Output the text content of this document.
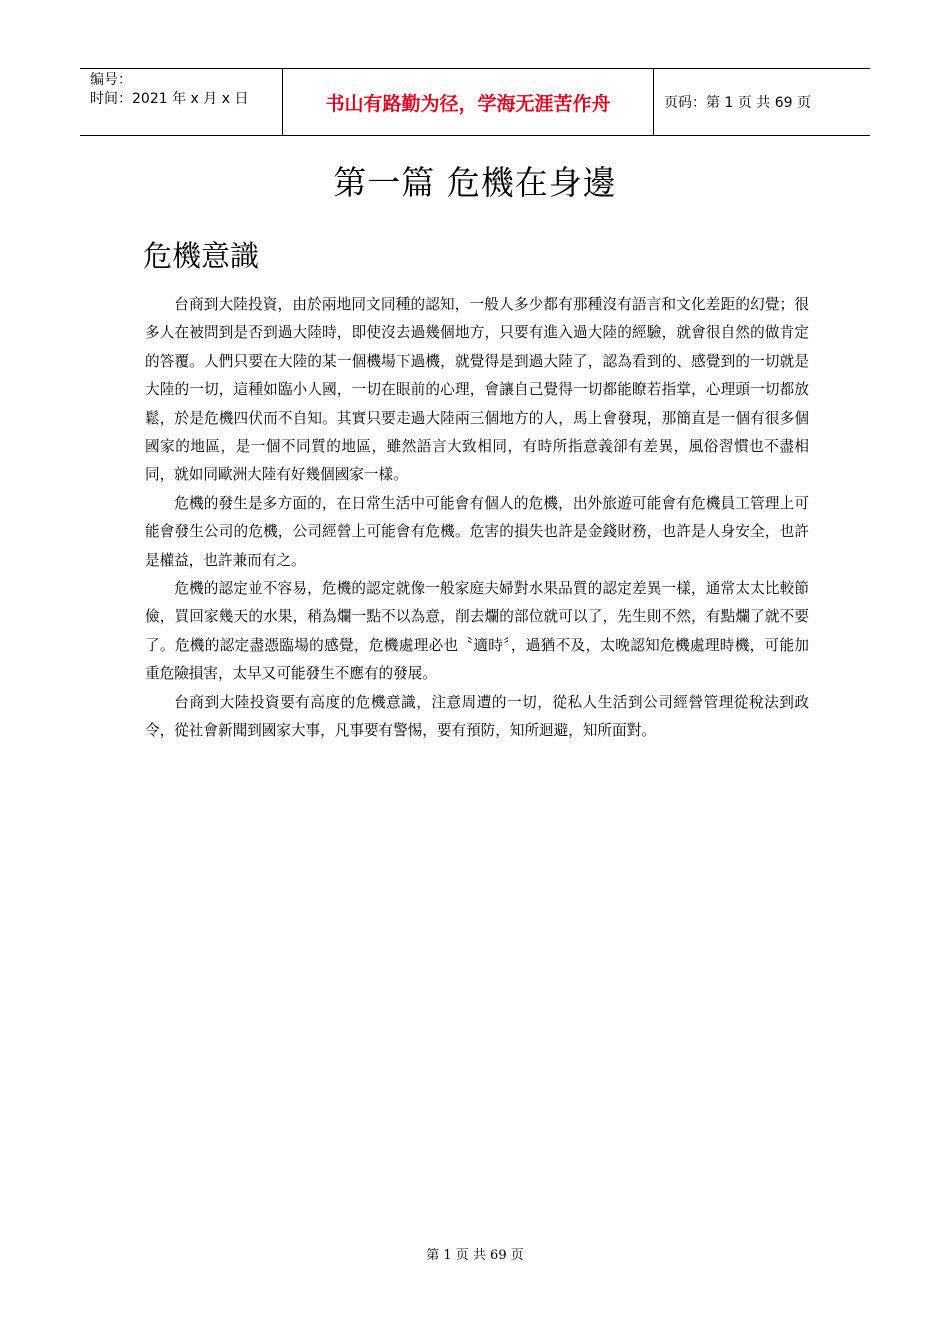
编号：
时间：2021 年 x 月 x 日	书山有路勤为径，学海无涯苦作舟	页码：第 1 页 共 69 页
第一篇 危機在身邊
危機意識

台商到大陸投資，由於兩地同文同種的認知，一般人多少都有那種沒有語言和文化差距的幻覺；很多人在被問到是否到過大陸時，即使沒去過幾個地方，只要有進入過大陸的經驗，就會很自然的做肯定的答覆。人們只要在大陸的某一個機場下過機，就覺得是到過大陸了，認為看到的、感覺到的一切就是大陸的一切，這種如臨小人國，一切在眼前的心理，會讓自己覺得一切都能瞭若指掌，心理頭一切都放鬆，於是危機四伏而不自知。其實只要走過大陸兩三個地方的人，馬上會發現，那簡直是一個有很多個國家的地區，是一個不同質的地區，雖然語言大致相同，有時所指意義卻有差異，風俗習慣也不盡相同，就如同歐洲大陸有好幾個國家一樣。

危機的發生是多方面的，在日常生活中可能會有個人的危機，出外旅遊可能會有危機員工管理上可能會發生公司的危機，公司經營上可能會有危機。危害的損失也許是金錢財務，也許是人身安全，也許是權益，也許兼而有之。

危機的認定並不容易，危機的認定就像一般家庭夫婦對水果品質的認定差異一樣，通常太太比較節儉，買回家幾天的水果，稍為爛一點不以為意，削去爛的部位就可以了，先生則不然，有點爛了就不要了。危機的認定盡憑臨場的感覺，危機處理必也〝適時〞，過猶不及，太晚認知危機處理時機，可能加重危險損害，太早又可能發生不應有的發展。

台商到大陸投資要有高度的危機意識，注意周遭的一切，從私人生活到公司經營管理從稅法到政令，從社會新聞到國家大事，凡事要有警惕，要有預防，知所迴避，知所面對。

第 1 页 共 69 页
